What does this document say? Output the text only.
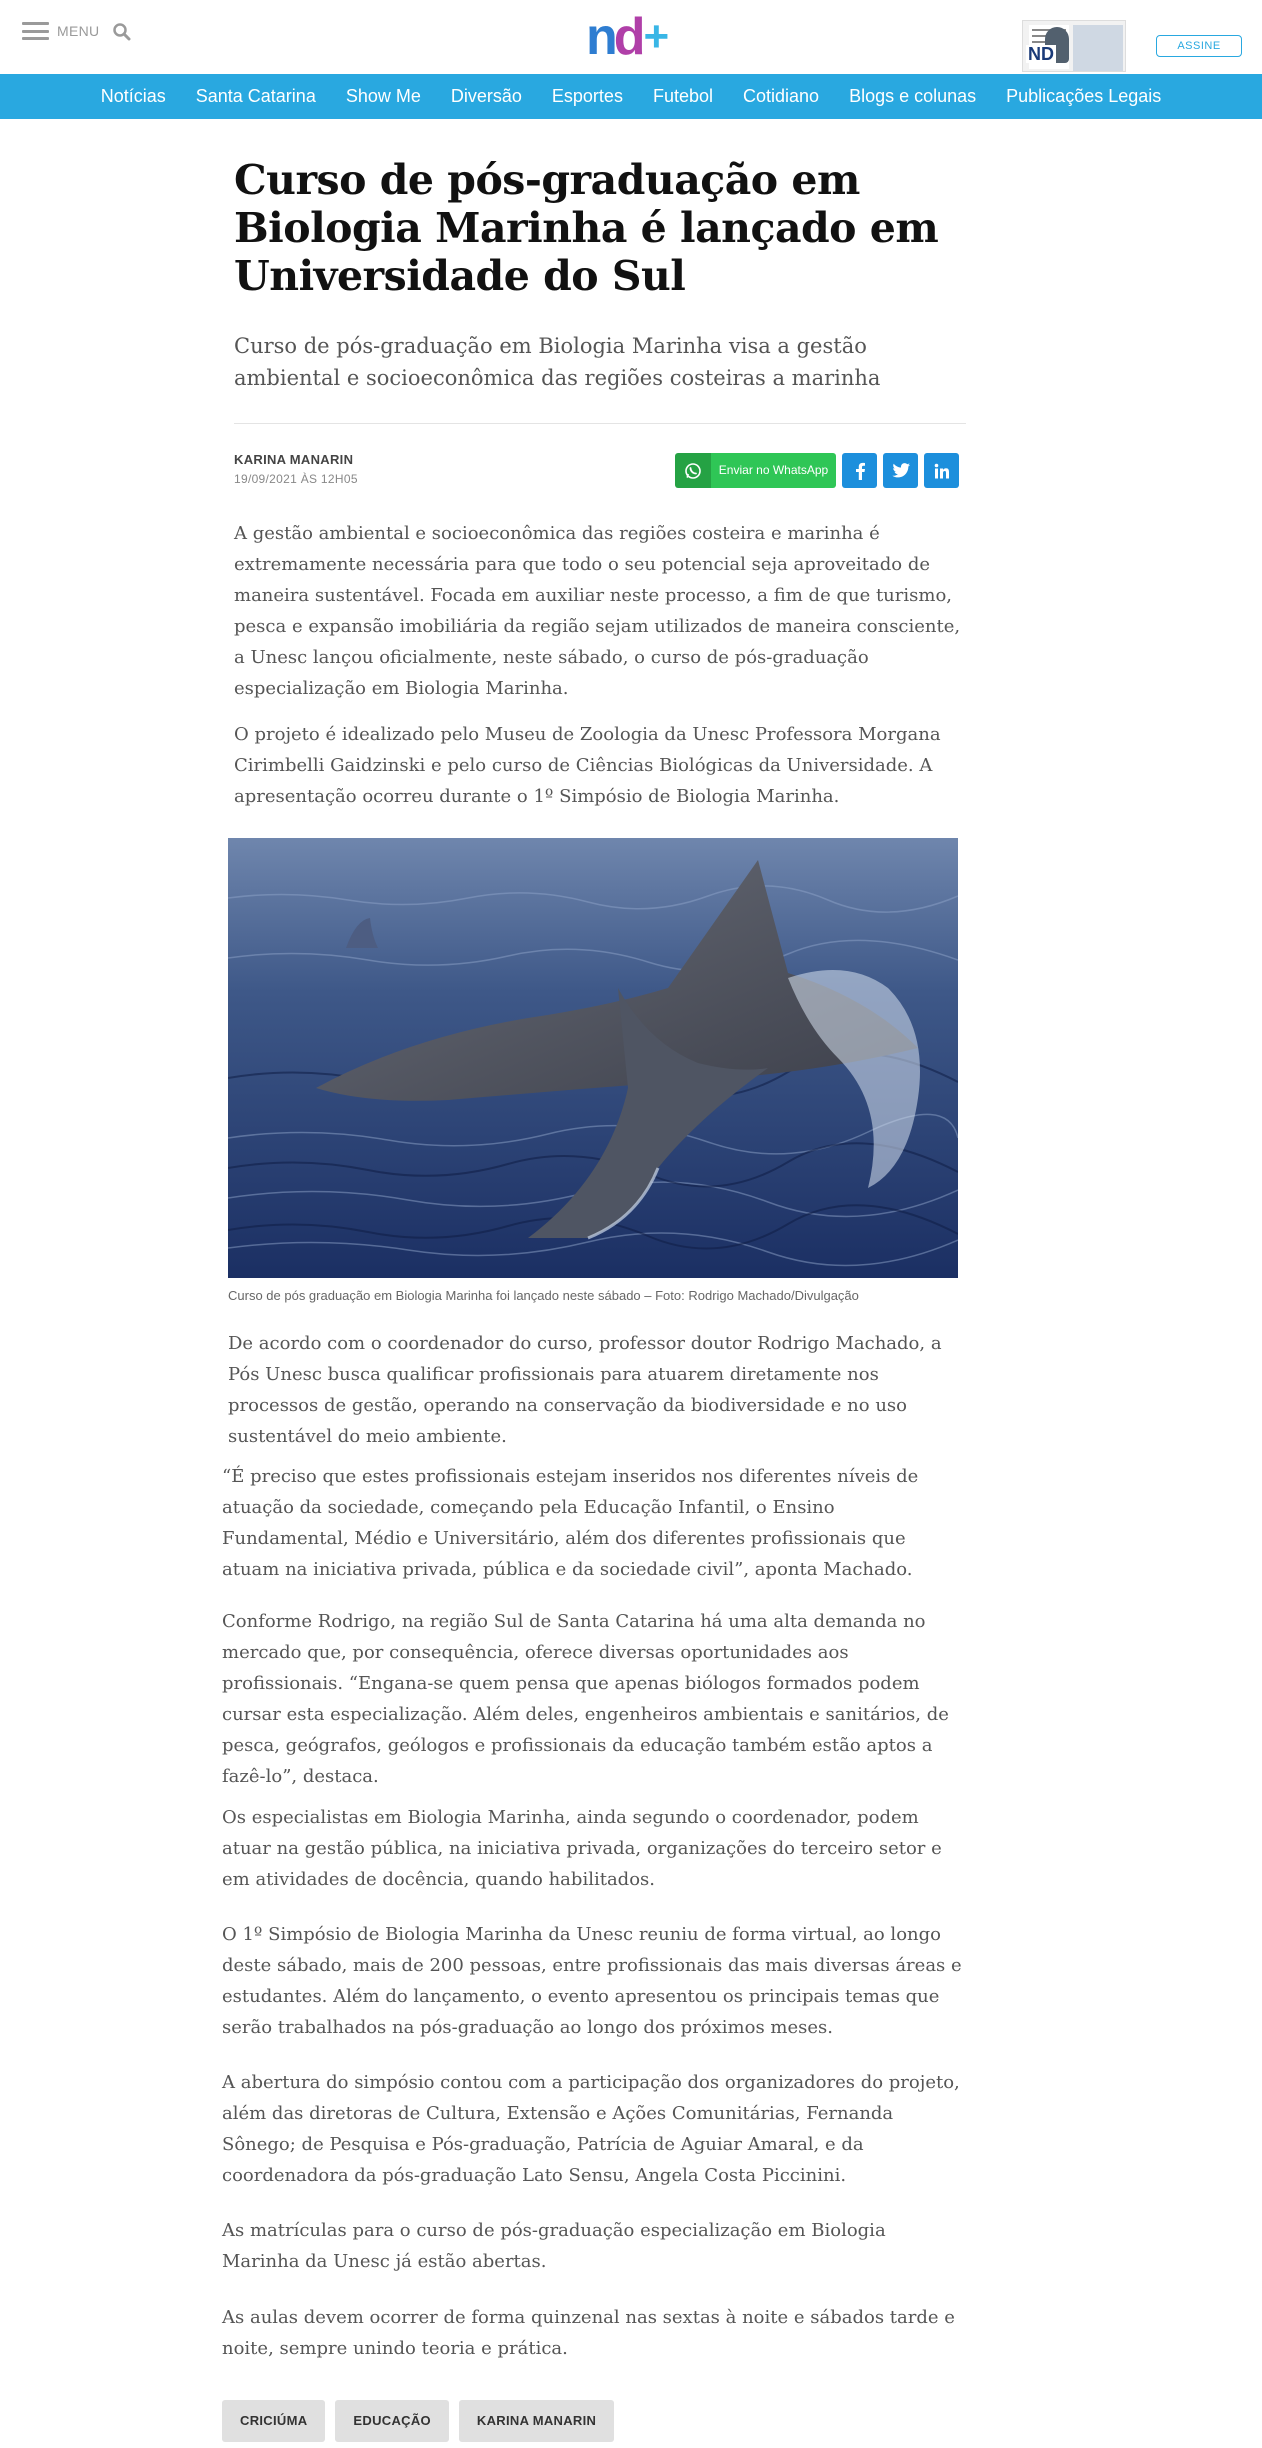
MENU	nd +	ND	ASSINE
Notícias Santa Catarina Show Me Diversão Esportes Futebol Cotidiano Blogs e colunas Publicações Legais
Curso de pós-graduação em Biologia Marinha é lançado em Universidade do Sul

Curso de pós-graduação em Biologia Marinha visa a gestão ambiental e socioeconômica das regiões costeiras a marinha

KARINA MANARIN
19/09/2021 ÀS 12H05
Enviar no WhatsApp

A gestão ambiental e socioeconômica das regiões costeira e marinha é extremamente necessária para que todo o seu potencial seja aproveitado de maneira sustentável. Focada em auxiliar neste processo, a fim de que turismo, pesca e expansão imobiliária da região sejam utilizados de maneira consciente, a Unesc lançou oficialmente, neste sábado, o curso de pós-graduação especialização em Biologia Marinha.

O projeto é idealizado pelo Museu de Zoologia da Unesc Professora Morgana Cirimbelli Gaidzinski e pelo curso de Ciências Biológicas da Universidade. A apresentação ocorreu durante o 1º Simpósio de Biologia Marinha.

Curso de pós graduação em Biologia Marinha foi lançado neste sábado – Foto: Rodrigo Machado/Divulgação

De acordo com o coordenador do curso, professor doutor Rodrigo Machado, a Pós Unesc busca qualificar profissionais para atuarem diretamente nos processos de gestão, operando na conservação da biodiversidade e no uso sustentável do meio ambiente.

“É preciso que estes profissionais estejam inseridos nos diferentes níveis de atuação da sociedade, começando pela Educação Infantil, o Ensino Fundamental, Médio e Universitário, além dos diferentes profissionais que atuam na iniciativa privada, pública e da sociedade civil”, aponta Machado.

Conforme Rodrigo, na região Sul de Santa Catarina há uma alta demanda no mercado que, por consequência, oferece diversas oportunidades aos profissionais. “Engana-se quem pensa que apenas biólogos formados podem cursar esta especialização. Além deles, engenheiros ambientais e sanitários, de pesca, geógrafos, geólogos e profissionais da educação também estão aptos a fazê-lo”, destaca.

Os especialistas em Biologia Marinha, ainda segundo o coordenador, podem atuar na gestão pública, na iniciativa privada, organizações do terceiro setor e em atividades de docência, quando habilitados.

O 1º Simpósio de Biologia Marinha da Unesc reuniu de forma virtual, ao longo deste sábado, mais de 200 pessoas, entre profissionais das mais diversas áreas e estudantes. Além do lançamento, o evento apresentou os principais temas que serão trabalhados na pós-graduação ao longo dos próximos meses.

A abertura do simpósio contou com a participação dos organizadores do projeto, além das diretoras de Cultura, Extensão e Ações Comunitárias, Fernanda Sônego; de Pesquisa e Pós-graduação, Patrícia de Aguiar Amaral, e da coordenadora da pós-graduação Lato Sensu, Angela Costa Piccinini.

As matrículas para o curso de pós-graduação especialização em Biologia Marinha da Unesc já estão abertas.

As aulas devem ocorrer de forma quinzenal nas sextas à noite e sábados tarde e noite, sempre unindo teoria e prática.

CRICIÚMA	EDUCAÇÃO	KARINA MANARIN
